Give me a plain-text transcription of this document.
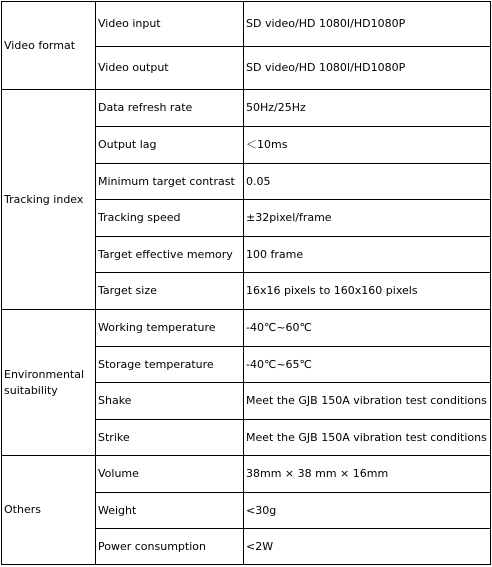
Video format	Video input	SD video/HD 1080I/HD1080P
	Video output	SD video/HD 1080I/HD1080P
Tracking index	Data refresh rate	50Hz/25Hz
	Output lag	＜10ms
	Minimum target contrast	0.05
	Tracking speed	±32pixel/frame
	Target effective memory	100 frame
	Target size	16x16 pixels to 160x160 pixels
Environmental suitability	Working temperature	-40℃~60℃
	Storage temperature	-40℃~65℃
	Shake	Meet the GJB 150A vibration test conditions
	Strike	Meet the GJB 150A vibration test conditions
Others	Volume	38mm × 38 mm × 16mm
	Weight	<30g
	Power consumption	<2W
